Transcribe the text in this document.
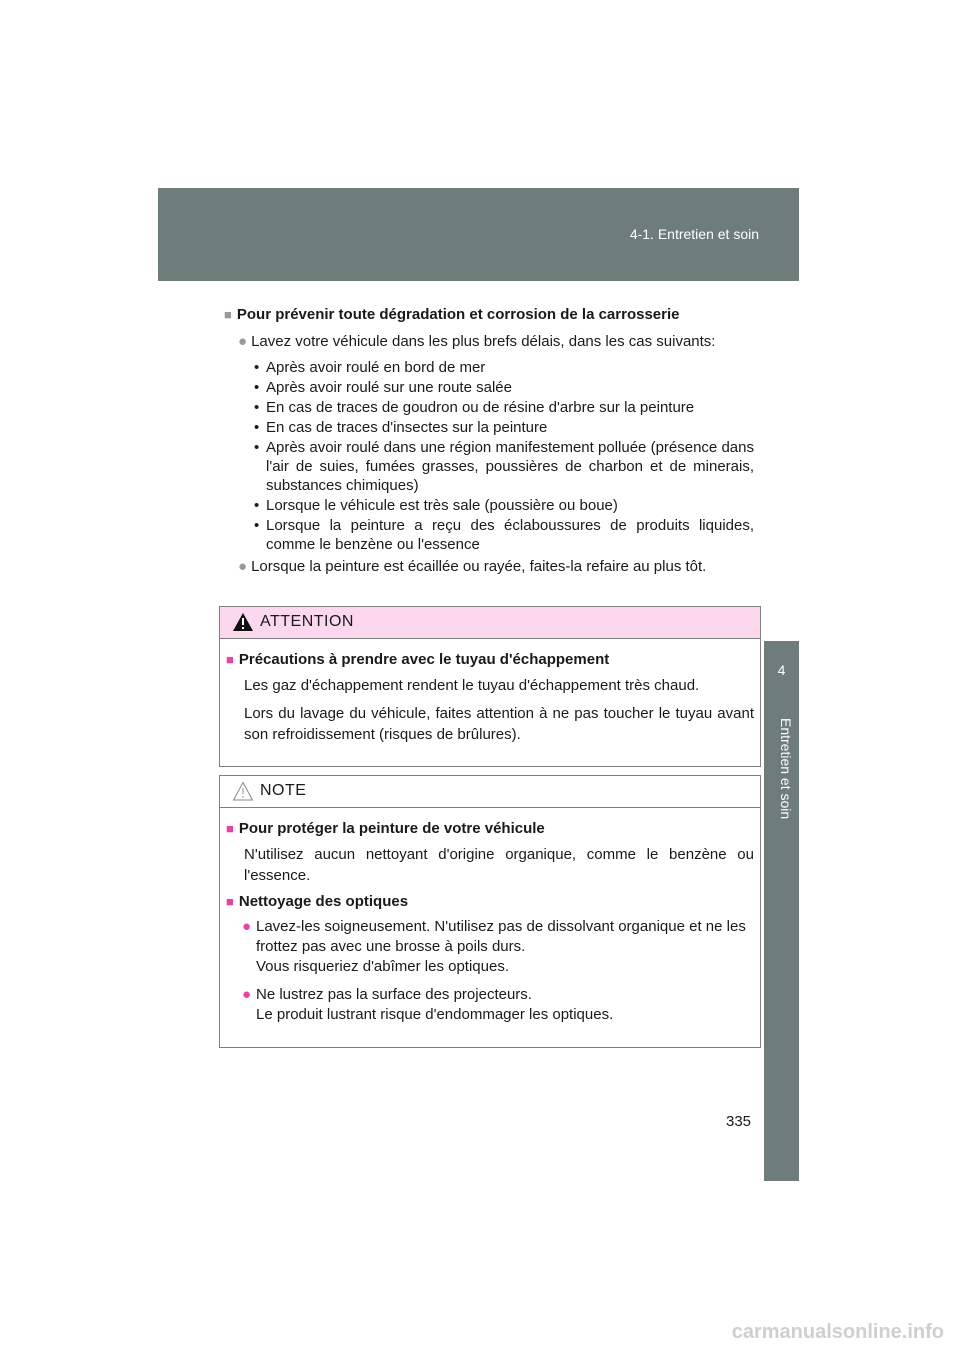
4-1. Entretien et soin
4
Entretien et soin
■ Pour prévenir toute dégradation et corrosion de la carrosserie
● Lavez votre véhicule dans les plus brefs délais, dans les cas suivants:
• Après avoir roulé en bord de mer
• Après avoir roulé sur une route salée
• En cas de traces de goudron ou de résine d'arbre sur la peinture
• En cas de traces d'insectes sur la peinture
• Après avoir roulé dans une région manifestement polluée (présence dans l'air de suies, fumées grasses, poussières de charbon et de minerais, substances chimiques)
• Lorsque le véhicule est très sale (poussière ou boue)
• Lorsque la peinture a reçu des éclaboussures de produits liquides, comme le benzène ou l'essence
● Lorsque la peinture est écaillée ou rayée, faites-la refaire au plus tôt.
ATTENTION
■ Précautions à prendre avec le tuyau d'échappement

Les gaz d'échappement rendent le tuyau d'échappement très chaud.

Lors du lavage du véhicule, faites attention à ne pas toucher le tuyau avant son refroidissement (risques de brûlures).

NOTE
■ Pour protéger la peinture de votre véhicule

N'utilisez aucun nettoyant d'origine organique, comme le benzène ou l'essence.

■ Nettoyage des optiques
● Lavez-les soigneusement. N'utilisez pas de dissolvant organique et ne les frottez pas avec une brosse à poils durs.
Vous risqueriez d'abîmer les optiques.
● Ne lustrez pas la surface des projecteurs.
Le produit lustrant risque d'endommager les optiques.
335
carmanualsonline.info
